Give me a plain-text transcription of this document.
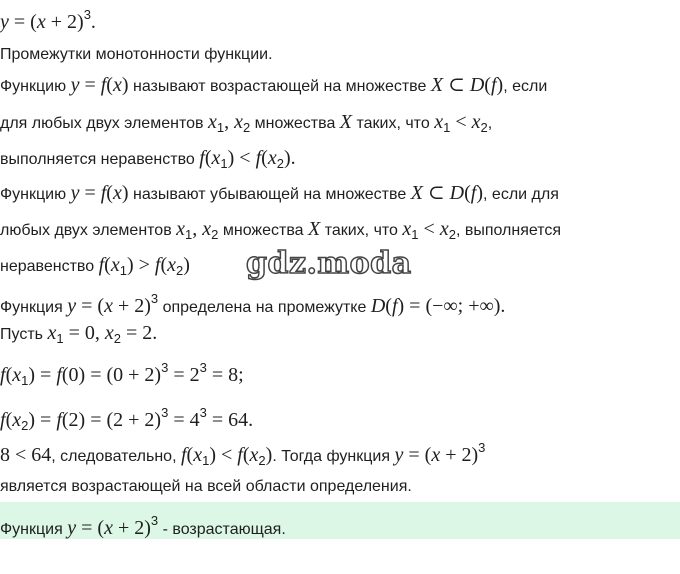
$y = (x + 2)^3$.
Промежутки монотонности функции.
Функцию y = f(x) называют возрастающей на множестве X ⊂ D(f), если
для любых двух элементов $x_1$, $x_2$ множества X таких, что $x_1 < x_2$,
выполняется неравенство $f(x_1) < f(x_2)$.
Функцию y = f(x) называют убывающей на множестве X ⊂ D(f), если для
любых двух элементов $x_1$, $x_2$ множества X таких, что $x_1 < x_2$, выполняется
неравенство $f(x_1) > f(x_2)$ gdz.moda
Функция $y = (x + 2)^3$ определена на промежутке D(f) = (−∞; +∞).
Пусть $x_1 = 0$, $x_2 = 2$.
$f(x_1) = f(0) = (0 + 2)^3 = 2^3 = 8$;
$f(x_2) = f(2) = (2 + 2)^3 = 4^3 = 64$.
8 < 64, следовательно, $f(x_1) < f(x_2)$. Тогда функция $y = (x + 2)^3$
является возрастающей на всей области определения.
Функция $y = (x + 2)^3$ - возрастающая.
